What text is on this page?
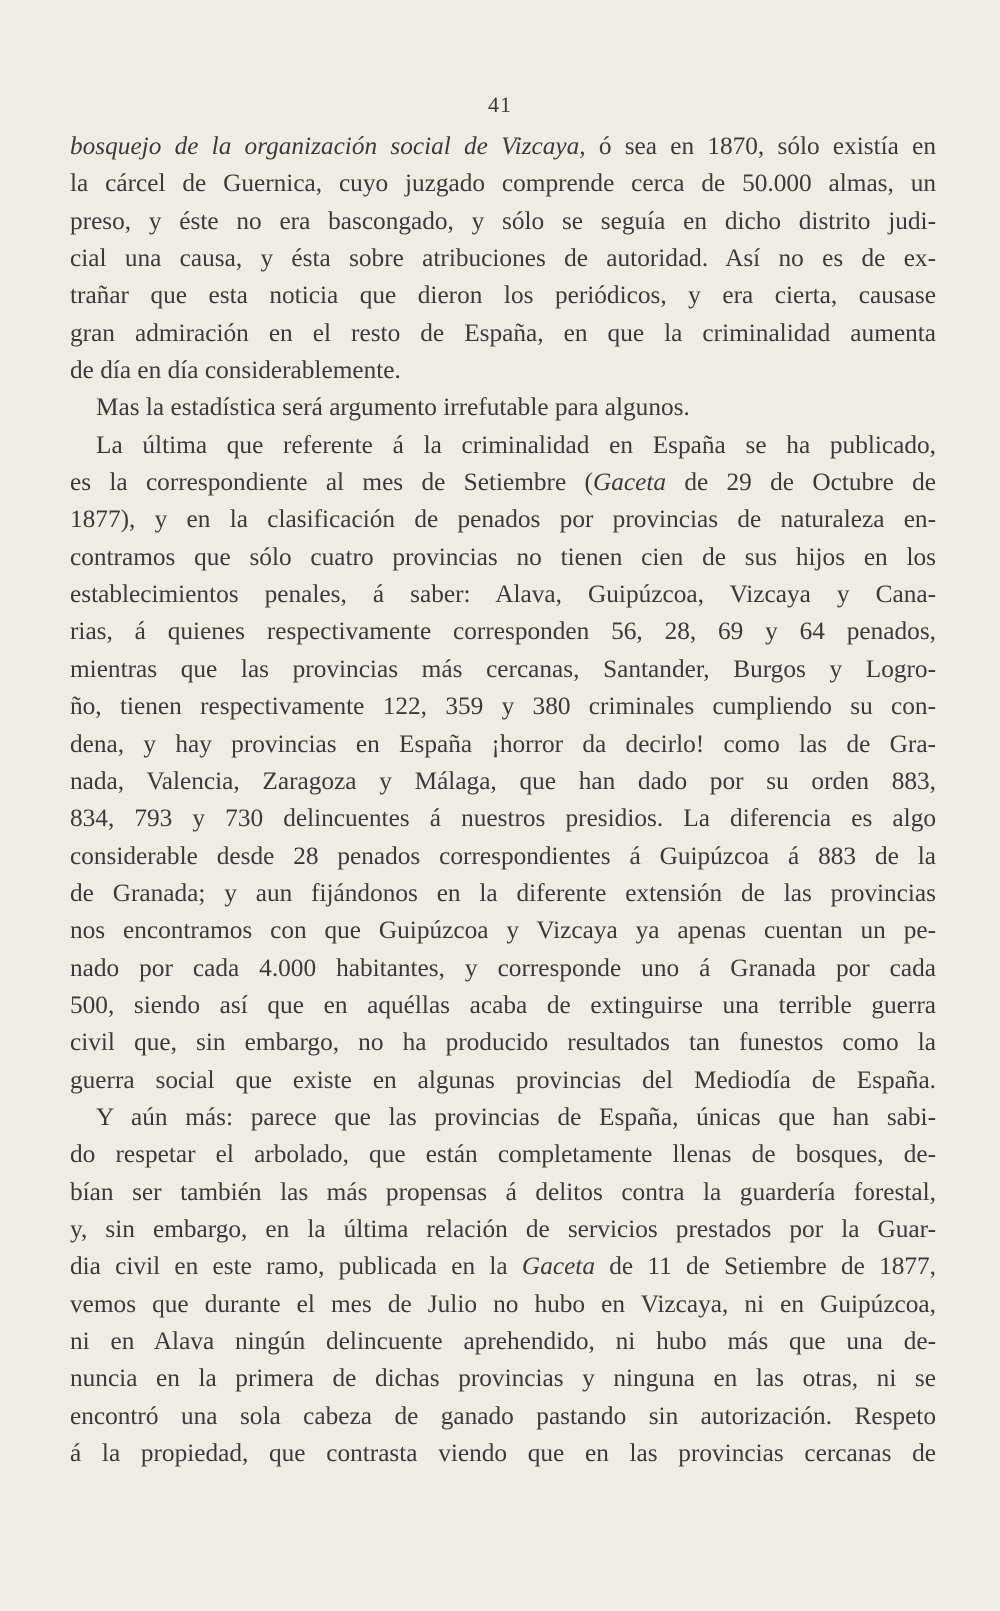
41
bosquejo de la organización social de Vizcaya, ó sea en 1870, sólo existía en
la cárcel de Guernica, cuyo juzgado comprende cerca de 50.000 almas, un
preso, y éste no era bascongado, y sólo se seguía en dicho distrito judi-
cial una causa, y ésta sobre atribuciones de autoridad. Así no es de ex-
trañar que esta noticia que dieron los periódicos, y era cierta, causase
gran admiración en el resto de España, en que la criminalidad aumenta
de día en día considerablemente.
Mas la estadística será argumento irrefutable para algunos.
La última que referente á la criminalidad en España se ha publicado,
es la correspondiente al mes de Setiembre (Gaceta de 29 de Octubre de
1877), y en la clasificación de penados por provincias de naturaleza en-
contramos que sólo cuatro provincias no tienen cien de sus hijos en los
establecimientos penales, á saber: Alava, Guipúzcoa, Vizcaya y Cana-
rias, á quienes respectivamente corresponden 56, 28, 69 y 64 penados,
mientras que las provincias más cercanas, Santander, Burgos y Logro-
ño, tienen respectivamente 122, 359 y 380 criminales cumpliendo su con-
dena, y hay provincias en España ¡horror da decirlo! como las de Gra-
nada, Valencia, Zaragoza y Málaga, que han dado por su orden 883,
834, 793 y 730 delincuentes á nuestros presidios. La diferencia es algo
considerable desde 28 penados correspondientes á Guipúzcoa á 883 de la
de Granada; y aun fijándonos en la diferente extensión de las provincias
nos encontramos con que Guipúzcoa y Vizcaya ya apenas cuentan un pe-
nado por cada 4.000 habitantes, y corresponde uno á Granada por cada
500, siendo así que en aquéllas acaba de extinguirse una terrible guerra
civil que, sin embargo, no ha producido resultados tan funestos como la
guerra social que existe en algunas provincias del Mediodía de España.
Y aún más: parece que las provincias de España, únicas que han sabi-
do respetar el arbolado, que están completamente llenas de bosques, de-
bían ser también las más propensas á delitos contra la guardería forestal,
y, sin embargo, en la última relación de servicios prestados por la Guar-
dia civil en este ramo, publicada en la Gaceta de 11 de Setiembre de 1877,
vemos que durante el mes de Julio no hubo en Vizcaya, ni en Guipúzcoa,
ni en Alava ningún delincuente aprehendido, ni hubo más que una de-
nuncia en la primera de dichas provincias y ninguna en las otras, ni se
encontró una sola cabeza de ganado pastando sin autorización. Respeto
á la propiedad, que contrasta viendo que en las provincias cercanas de
